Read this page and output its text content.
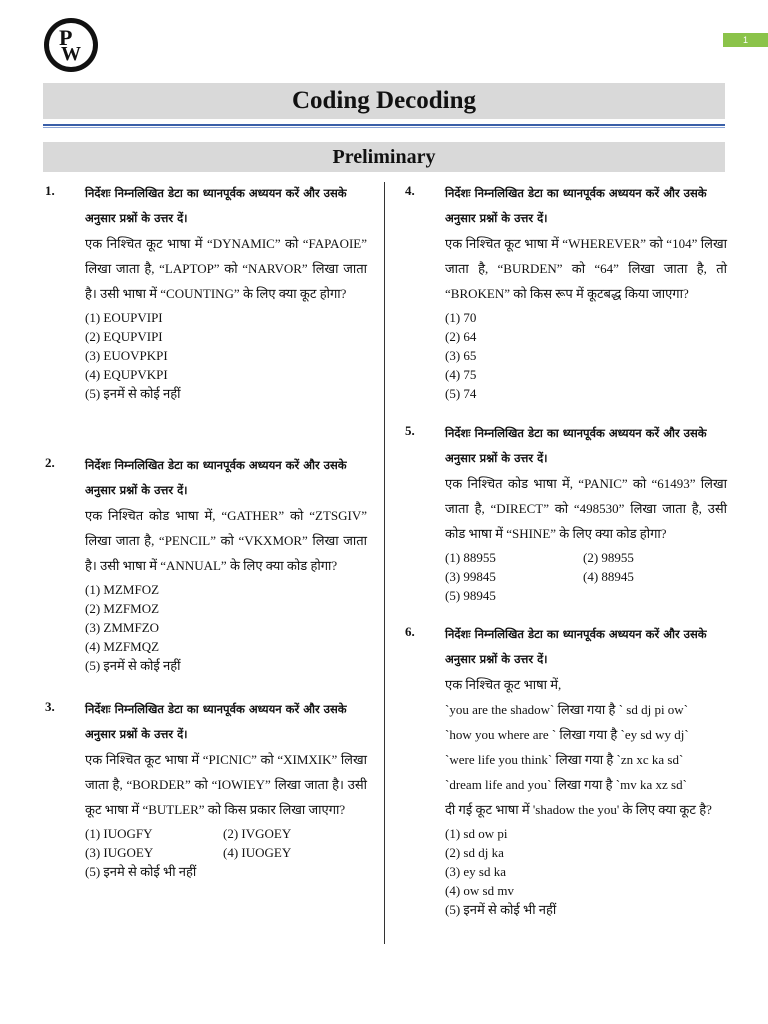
P
W
1
Coding Decoding
Preliminary
1.	निर्देशः निम्नलिखित डेटा का ध्यानपूर्वक अध्ययन करें और उसके अनुसार प्रश्नों के उत्तर दें।
एक निश्चित कूट भाषा में “DYNAMIC” को “FAPAOIE” लिखा जाता है, “LAPTOP” को “NARVOR” लिखा जाता है। उसी भाषा में “COUNTING” के लिए क्या कूट होगा?
(1) EOUPVIPI
(2) EQUPVIPI
(3) EUOVPKPI
(4) EQUPVKPI
(5) इनमें से कोई नहीं
2.	निर्देशः निम्नलिखित डेटा का ध्यानपूर्वक अध्ययन करें और उसके अनुसार प्रश्नों के उत्तर दें।
एक निश्चित कोड भाषा में, “GATHER” को “ZTSGIV” लिखा जाता है, “PENCIL” को “VKXMOR” लिखा जाता है। उसी भाषा में “ANNUAL” के लिए क्या कोड होगा?
(1) MZMFOZ
(2) MZFMOZ
(3) ZMMFZO
(4) MZFMQZ
(5) इनमें से कोई नहीं
3.	निर्देशः निम्नलिखित डेटा का ध्यानपूर्वक अध्ययन करें और उसके अनुसार प्रश्नों के उत्तर दें।
एक निश्चित कूट भाषा में “PICNIC” को “XIMXIK” लिखा जाता है, “BORDER” को “IOWIEY” लिखा जाता है। उसी कूट भाषा में “BUTLER” को किस प्रकार लिखा जाएगा?
(1) IUOGFY	(2) IVGOEY
(3) IUGOEY	(4) IUOGEY
(5) इनमे से कोई भी नहीं
4.	निर्देशः निम्नलिखित डेटा का ध्यानपूर्वक अध्ययन करें और उसके अनुसार प्रश्नों के उत्तर दें।
एक निश्चित कूट भाषा में “WHEREVER” को “104” लिखा जाता है, “BURDEN” को “64” लिखा जाता है, तो “BROKEN” को किस रूप में कूटबद्ध किया जाएगा?
(1) 70
(2) 64
(3) 65
(4) 75
(5) 74
5.	निर्देशः निम्नलिखित डेटा का ध्यानपूर्वक अध्ययन करें और उसके अनुसार प्रश्नों के उत्तर दें।
एक निश्चित कोड भाषा में, “PANIC” को “61493” लिखा जाता है, “DIRECT” को “498530” लिखा जाता है, उसी कोड भाषा में “SHINE” के लिए क्या कोड होगा?
(1) 88955	(2) 98955
(3) 99845	(4) 88945
(5) 98945
6.	निर्देशः निम्नलिखित डेटा का ध्यानपूर्वक अध्ययन करें और उसके अनुसार प्रश्नों के उत्तर दें।
एक निश्चित कूट भाषा में,
`you are the shadow` लिखा गया है ` sd dj pi ow`
`how you where are ` लिखा गया है `ey sd wy dj`
`were life you think` लिखा गया है `zn xc ka sd`
`dream life and you` लिखा गया है `mv ka xz sd`
दी गई कूट भाषा में 'shadow the you' के लिए क्या कूट है?
(1) sd ow pi
(2) sd dj ka
(3) ey sd ka
(4) ow sd mv
(5) इनमें से कोई भी नहीं
